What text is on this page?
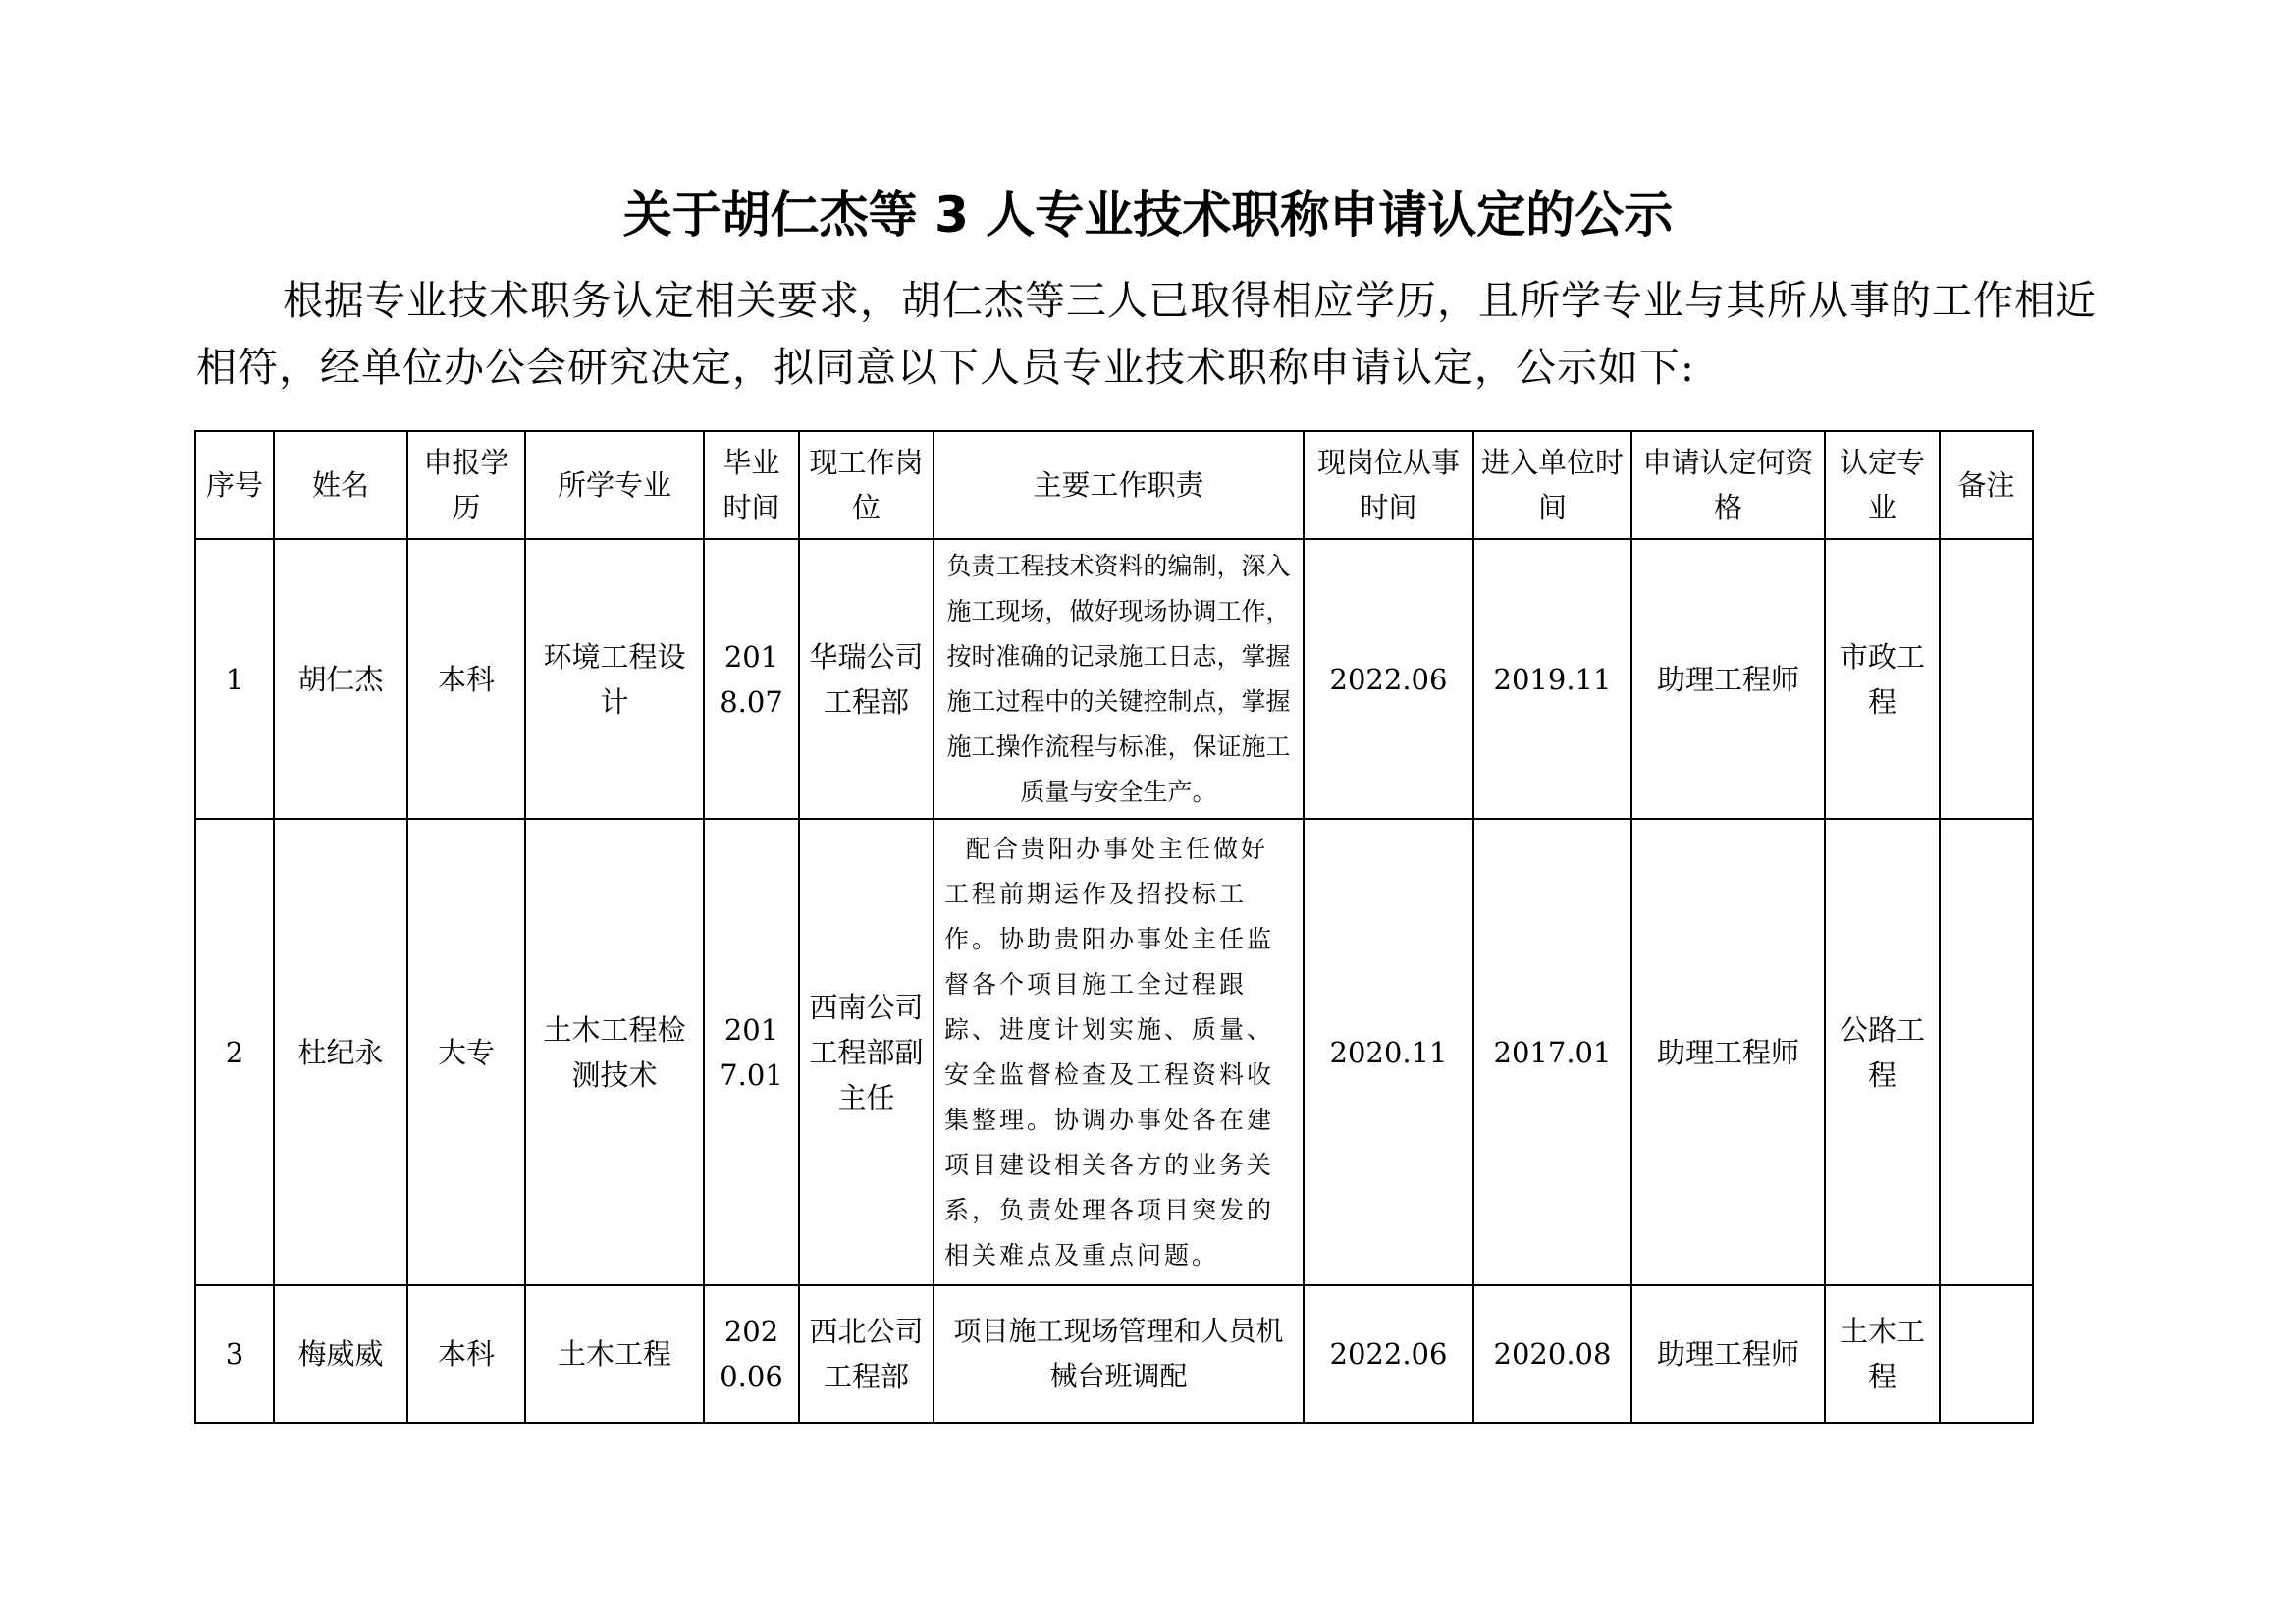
关于胡仁杰等 3 人专业技术职称申请认定的公示

根据专业技术职务认定相关要求，胡仁杰等三人已取得相应学历，且所学专业与其所从事的工作相近相符，经单位办公会研究决定，拟同意以下人员专业技术职称申请认定，公示如下:

序号	姓名	申报学历	所学专业	毕业时间	现工作岗位	主要工作职责	现岗位从事时间	进入单位时间	申请认定何资格	认定专业	备注
1	胡仁杰	本科	环境工程设计	2018.07	华瑞公司工程部	负责工程技术资料的编制，深入施工现场，做好现场协调工作，按时准确的记录施工日志，掌握施工过程中的关键控制点，掌握施工操作流程与标准，保证施工质量与安全生产。	2022.06	2019.11	助理工程师	市政工程	
2	杜纪永	大专	土木工程检测技术	2017.01	西南公司工程部副主任	配合贵阳办事处主任做好工程前期运作及招投标工作。协助贵阳办事处主任监督各个项目施工全过程跟踪、进度计划实施、质量、安全监督检查及工程资料收集整理。协调办事处各在建项目建设相关各方的业务关系，负责处理各项目突发的相关难点及重点问题。	2020.11	2017.01	助理工程师	公路工程	
3	梅威威	本科	土木工程	2020.06	西北公司工程部	项目施工现场管理和人员机械台班调配	2022.06	2020.08	助理工程师	土木工程	
